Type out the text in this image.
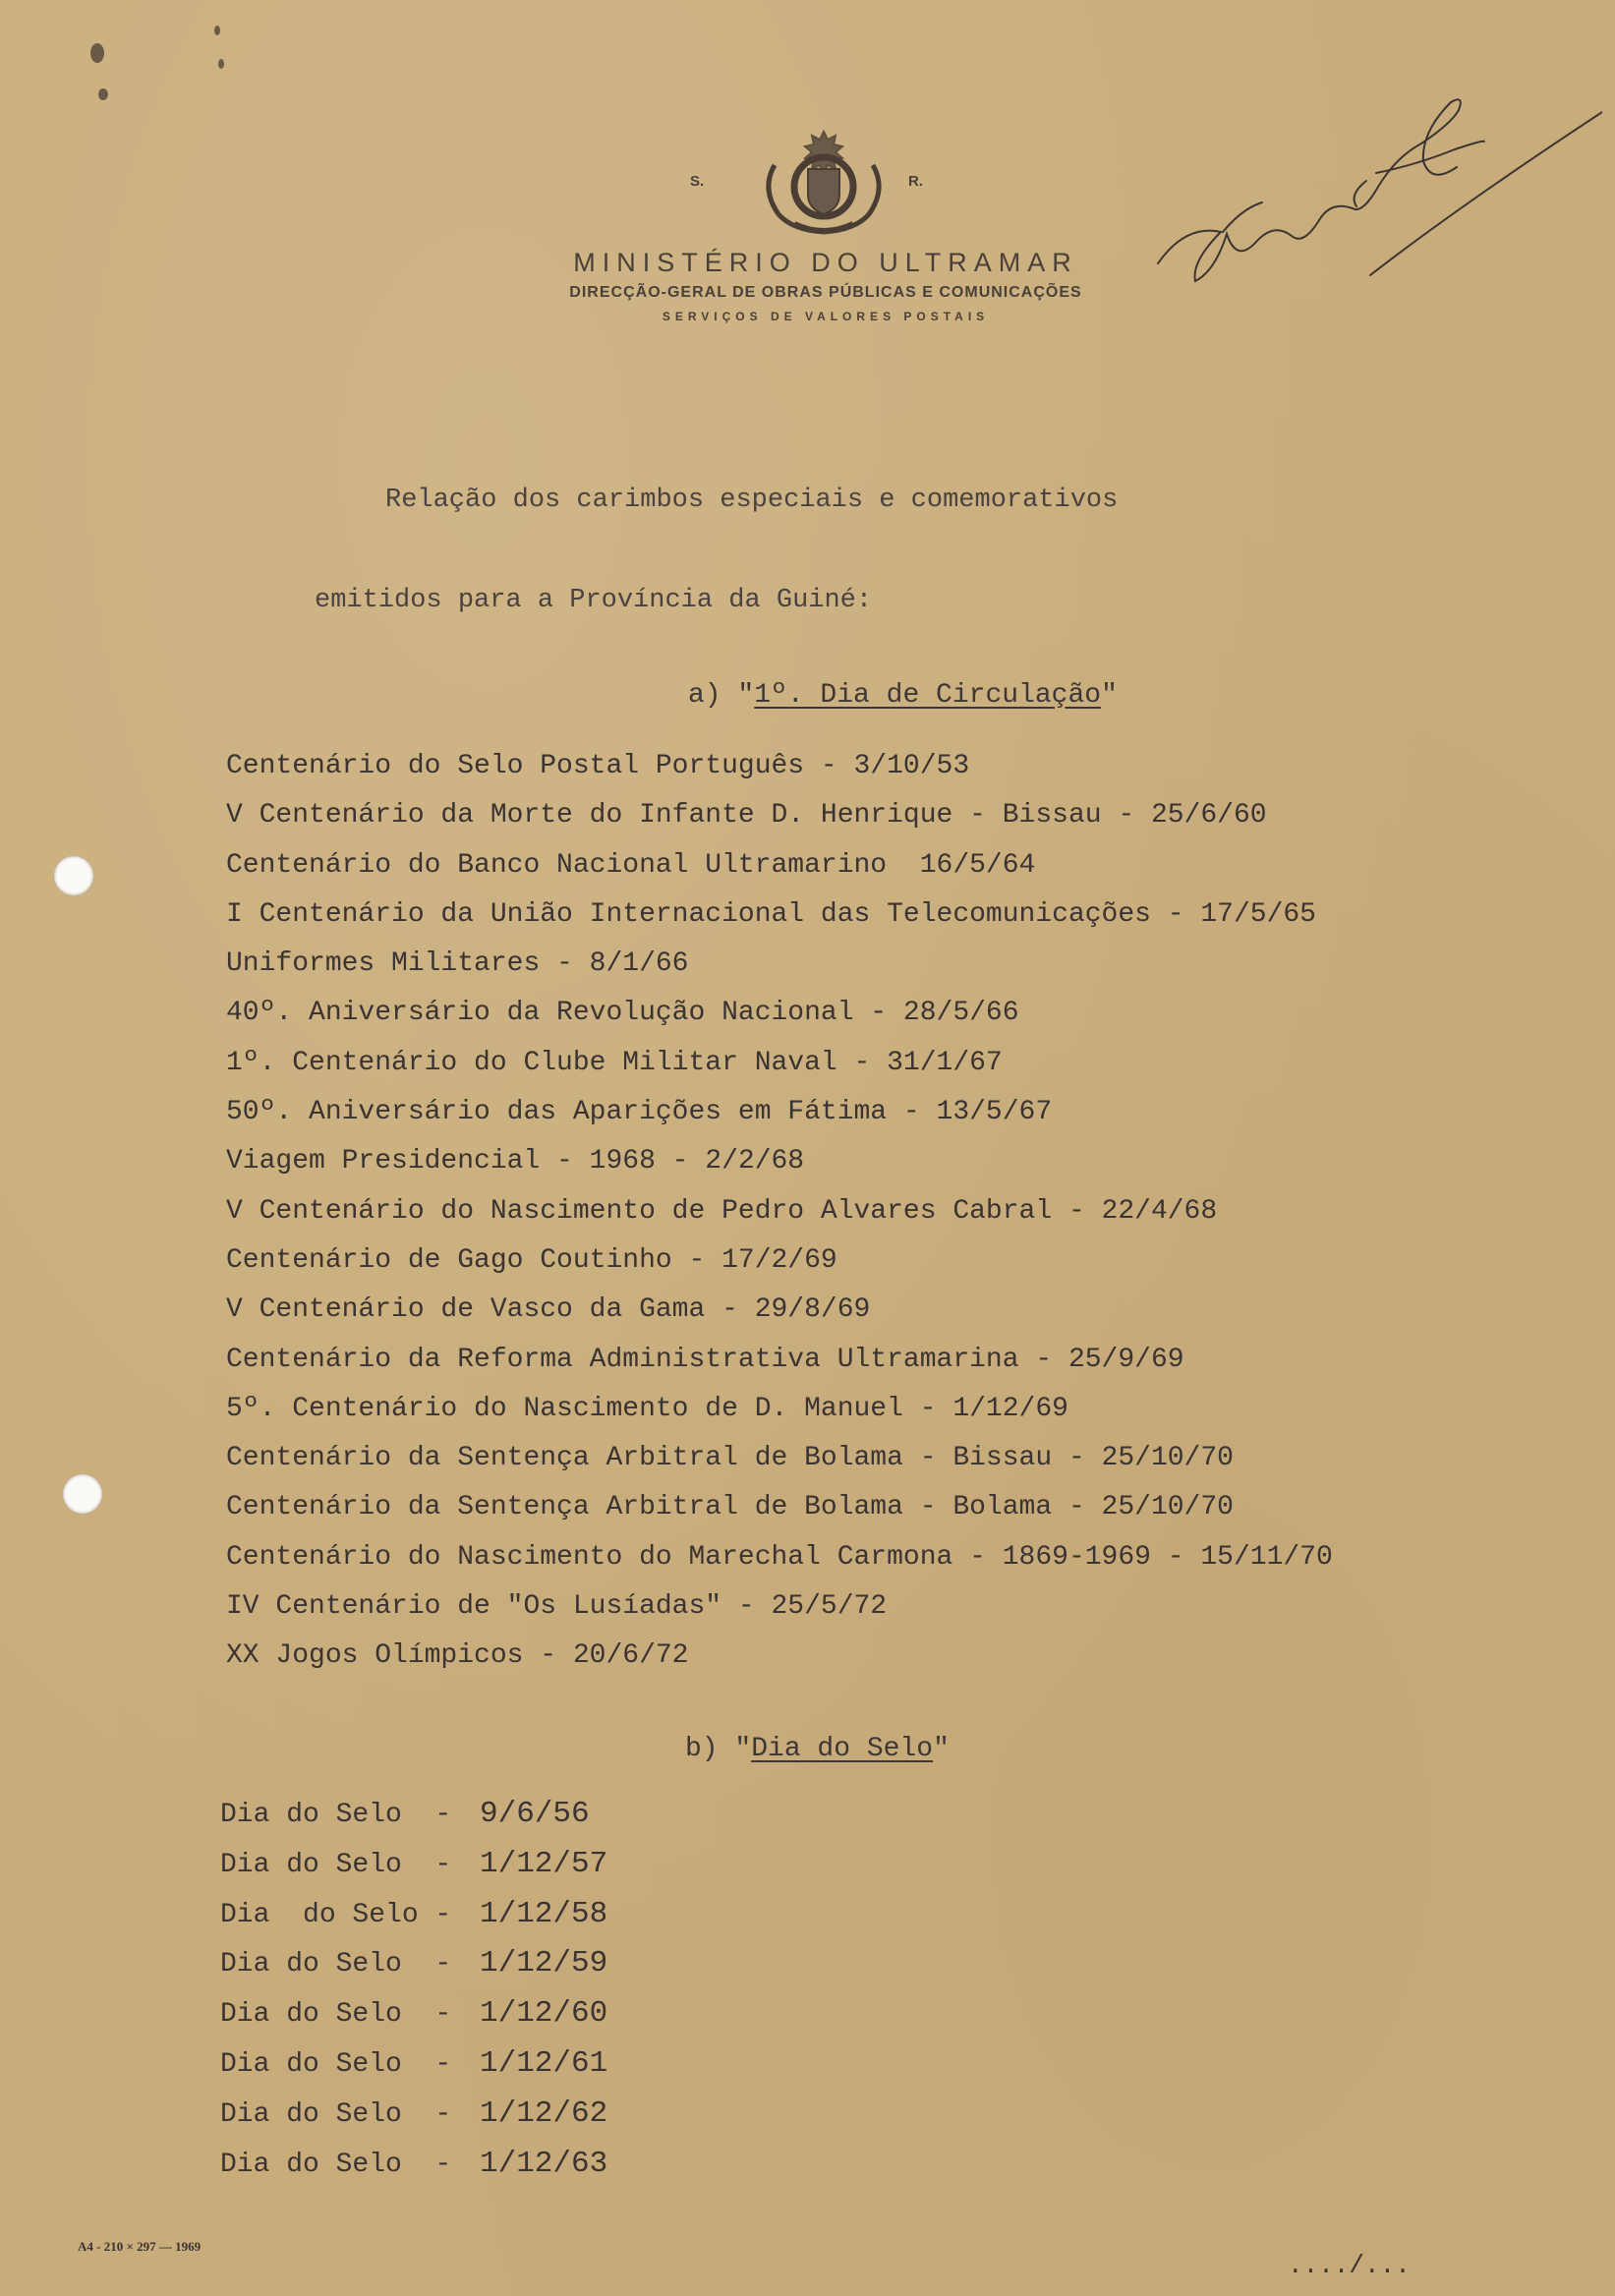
S.	R.
MINISTÉRIO DO ULTRAMAR
DIRECÇÃO-GERAL DE OBRAS PÚBLICAS E COMUNICAÇÕES
SERVIÇOS DE VALORES POSTAIS

Relação dos carimbos especiais e comemorativos

emitidos para a Província da Guiné:

a) "1º. Dia de Circulação"
Centenário do Selo Postal Português - 3/10/53
V Centenário da Morte do Infante D. Henrique - Bissau - 25/6/60
Centenário do Banco Nacional Ultramarino  16/5/64
I Centenário da União Internacional das Telecomunicações - 17/5/65
Uniformes Militares - 8/1/66
40º. Aniversário da Revolução Nacional - 28/5/66
1º. Centenário do Clube Militar Naval - 31/1/67
50º. Aniversário das Aparições em Fátima - 13/5/67
Viagem Presidencial - 1968 - 2/2/68
V Centenário do Nascimento de Pedro Alvares Cabral - 22/4/68
Centenário de Gago Coutinho - 17/2/69
V Centenário de Vasco da Gama - 29/8/69
Centenário da Reforma Administrativa Ultramarina - 25/9/69
5º. Centenário do Nascimento de D. Manuel - 1/12/69
Centenário da Sentença Arbitral de Bolama - Bissau - 25/10/70
Centenário da Sentença Arbitral de Bolama - Bolama - 25/10/70
Centenário do Nascimento do Marechal Carmona - 1869-1969 - 15/11/70
IV Centenário de "Os Lusíadas" - 25/5/72
XX Jogos Olímpicos - 20/6/72
b) "Dia do Selo"
Dia do Selo  - 9/6/56
Dia do Selo  - 1/12/57
Dia  do Selo - 1/12/58
Dia do Selo  - 1/12/59
Dia do Selo  - 1/12/60
Dia do Selo  - 1/12/61
Dia do Selo  - 1/12/62
Dia do Selo  - 1/12/63
A4 - 210 × 297 — 1969
..../...
